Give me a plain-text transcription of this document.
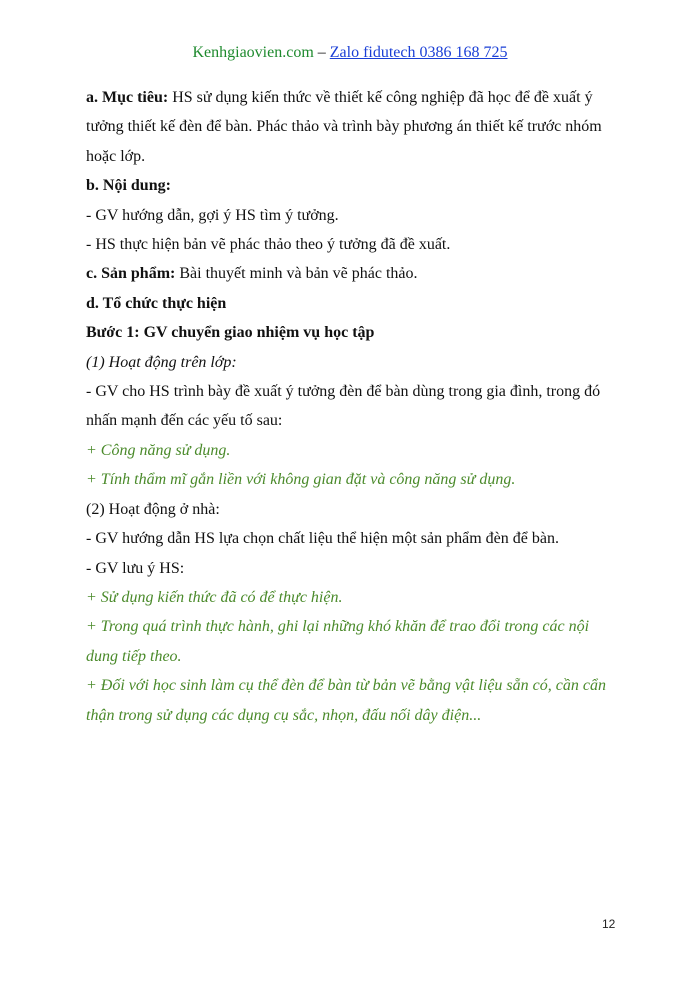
Kenhgiaovien.com – Zalo fidutech 0386 168 725

a. Mục tiêu: HS sử dụng kiến thức về thiết kế công nghiệp đã học để đề xuất ý tưởng thiết kế đèn để bàn. Phác thảo và trình bày phương án thiết kế trước nhóm hoặc lớp.

b. Nội dung:

- GV hướng dẫn, gợi ý HS tìm ý tưởng.

- HS thực hiện bản vẽ phác thảo theo ý tưởng đã đề xuất.

c. Sản phẩm: Bài thuyết minh và bản vẽ phác thảo.

d. Tổ chức thực hiện

Bước 1: GV chuyển giao nhiệm vụ học tập

(1) Hoạt động trên lớp:

- GV cho HS trình bày đề xuất ý tưởng đèn để bàn dùng trong gia đình, trong đó nhấn mạnh đến các yếu tố sau:

+ Công năng sử dụng.

+ Tính thẩm mĩ gắn liền với không gian đặt và công năng sử dụng.

(2) Hoạt động ở nhà:

- GV hướng dẫn HS lựa chọn chất liệu thể hiện một sản phẩm đèn để bàn.

- GV lưu ý HS:

+ Sử dụng kiến thức đã có để thực hiện.

+ Trong quá trình thực hành, ghi lại những khó khăn để trao đổi trong các nội dung tiếp theo.

+ Đối với học sinh làm cụ thể đèn để bàn từ bản vẽ bằng vật liệu sẵn có, cần cẩn thận trong sử dụng các dụng cụ sắc, nhọn, đấu nối dây điện...

12
